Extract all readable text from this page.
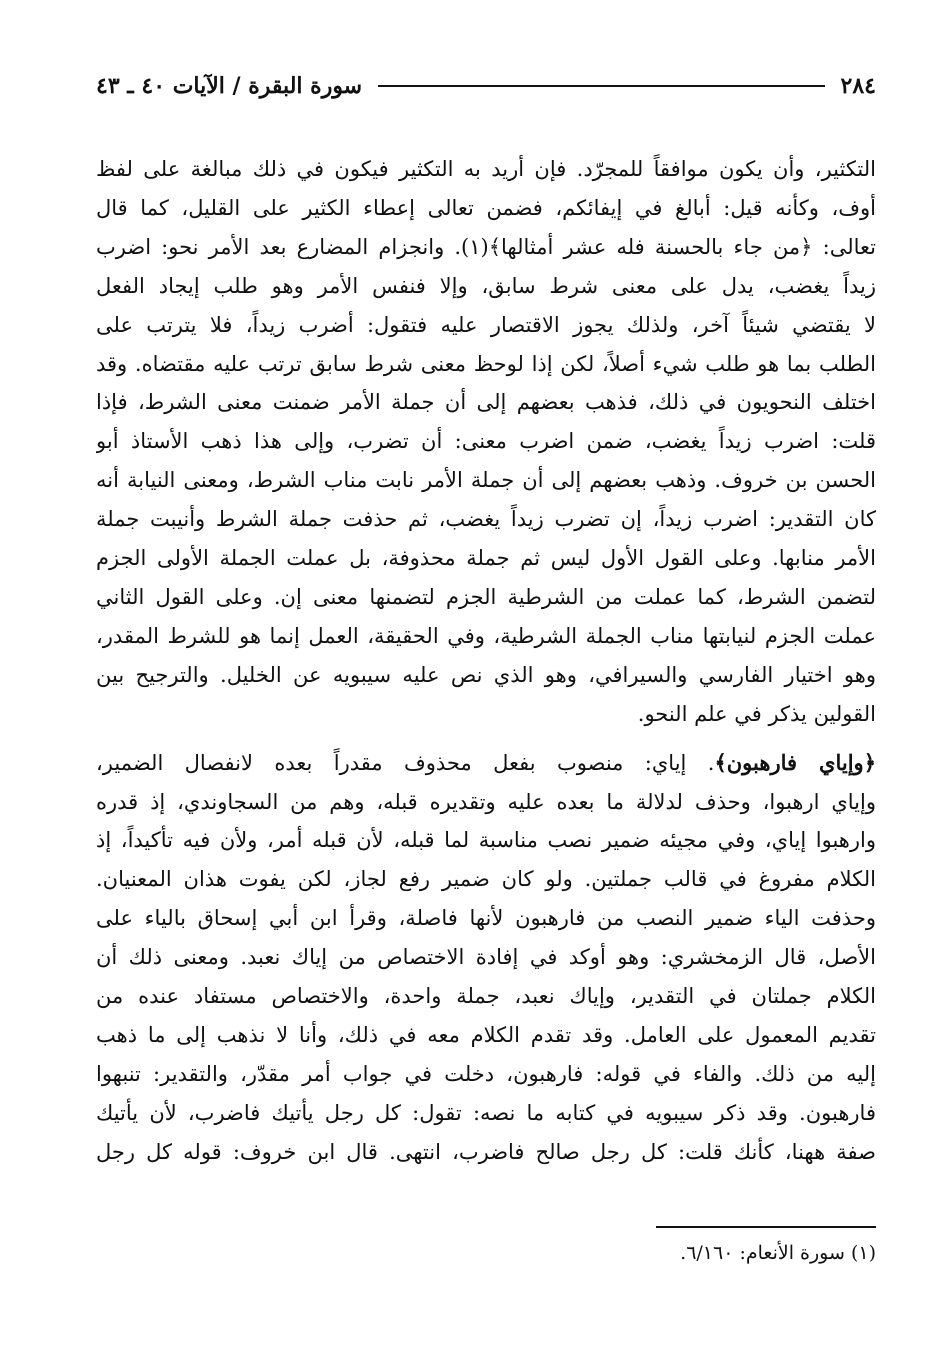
٢٨٤
سورة البقرة / الآيات ٤٠ ـ ٤٣

التكثير، وأن يكون موافقاً للمجرّد. فإن أريد به التكثير فيكون في ذلك مبالغة على لفظ
أوف، وكأنه قيل: أبالغ في إيفائكم، فضمن تعالى إعطاء الكثير على القليل، كما قال
تعالى: ﴿من جاء بالحسنة فله عشر أمثالها﴾(١). وانجزام المضارع بعد الأمر نحو: اضرب
زيداً يغضب، يدل على معنى شرط سابق، وإلا فنفس الأمر وهو طلب إيجاد الفعل
لا يقتضي شيئاً آخر، ولذلك يجوز الاقتصار عليه فتقول: أضرب زيداً، فلا يترتب على
الطلب بما هو طلب شيء أصلاً، لكن إذا لوحظ معنى شرط سابق ترتب عليه مقتضاه. وقد
اختلف النحويون في ذلك، فذهب بعضهم إلى أن جملة الأمر ضمنت معنى الشرط، فإذا
قلت: اضرب زيداً يغضب، ضمن اضرب معنى: أن تضرب، وإلى هذا ذهب الأستاذ أبو
الحسن بن خروف. وذهب بعضهم إلى أن جملة الأمر نابت مناب الشرط، ومعنى النيابة أنه
كان التقدير: اضرب زيداً، إن تضرب زيداً يغضب، ثم حذفت جملة الشرط وأنيبت جملة
الأمر منابها. وعلى القول الأول ليس ثم جملة محذوفة، بل عملت الجملة الأولى الجزم
لتضمن الشرط، كما عملت من الشرطية الجزم لتضمنها معنى إن. وعلى القول الثاني
عملت الجزم لنيابتها مناب الجملة الشرطية، وفي الحقيقة، العمل إنما هو للشرط المقدر،
وهو اختيار الفارسي والسيرافي، وهو الذي نص عليه سيبويه عن الخليل. والترجيح بين
القولين يذكر في علم النحو.

﴿وإياي فارهبون﴾. إياي: منصوب بفعل محذوف مقدراً بعده لانفصال الضمير،
وإياي ارهبوا، وحذف لدلالة ما بعده عليه وتقديره قبله، وهم من السجاوندي، إذ قدره
وارهبوا إياي، وفي مجيئه ضمير نصب مناسبة لما قبله، لأن قبله أمر، ولأن فيه تأكيداً، إذ
الكلام مفروغ في قالب جملتين. ولو كان ضمير رفع لجاز، لكن يفوت هذان المعنيان.
وحذفت الياء ضمير النصب من فارهبون لأنها فاصلة، وقرأ ابن أبي إسحاق بالياء على
الأصل، قال الزمخشري: وهو أوكد في إفادة الاختصاص من إياك نعبد. ومعنى ذلك أن
الكلام جملتان في التقدير، وإياك نعبد، جملة واحدة، والاختصاص مستفاد عنده من
تقديم المعمول على العامل. وقد تقدم الكلام معه في ذلك، وأنا لا نذهب إلى ما ذهب
إليه من ذلك. والفاء في قوله: فارهبون، دخلت في جواب أمر مقدّر، والتقدير: تنبهوا
فارهبون. وقد ذكر سيبويه في كتابه ما نصه: تقول: كل رجل يأتيك فاضرب، لأن يأتيك
صفة ههنا، كأنك قلت: كل رجل صالح فاضرب، انتهى. قال ابن خروف: قوله كل رجل

(١) سورة الأنعام: ٦/١٦٠.
